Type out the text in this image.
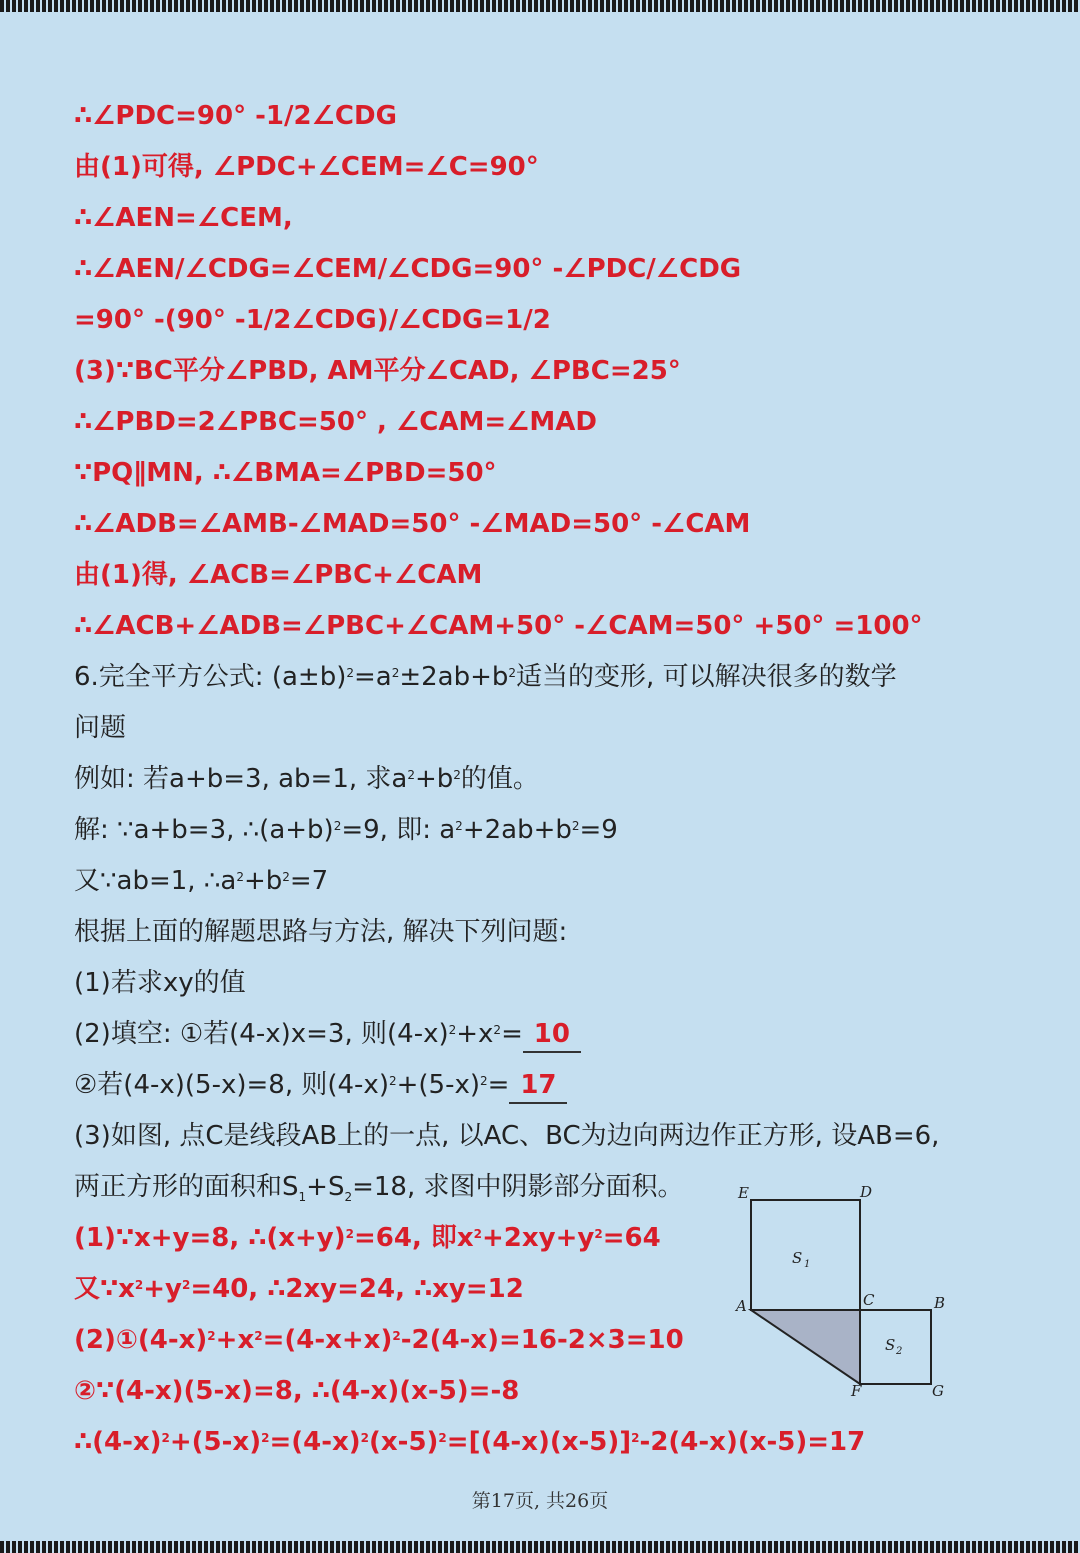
∴∠PDC=90° -1/2∠CDG
由(1)可得, ∠PDC+∠CEM=∠C=90°
∴∠AEN=∠CEM,
∴∠AEN/∠CDG=∠CEM/∠CDG=90° -∠PDC/∠CDG
=90° -(90° -1/2∠CDG)/∠CDG=1/2
(3)∵BC平分∠PBD, AM平分∠CAD, ∠PBC=25°
∴∠PBD=2∠PBC=50° , ∠CAM=∠MAD
∵PQ∥MN, ∴∠BMA=∠PBD=50°
∴∠ADB=∠AMB-∠MAD=50° -∠MAD=50° -∠CAM
由(1)得, ∠ACB=∠PBC+∠CAM
∴∠ACB+∠ADB=∠PBC+∠CAM+50° -∠CAM=50° +50° =100°
6.完全平方公式: $(a\pm b)^2=a^2\pm 2ab+b^2$适当的变形, 可以解决很多的数学
问题
例如: 若a+b=3, ab=1, 求$a^2+b^2$的值。
解: ∵a+b=3, $\therefore(a+b)^2=9$, 即: $a^2+2ab+b^2=9$
又∵ab=1, $\therefore a^2+b^2=7$
根据上面的解题思路与方法, 解决下列问题:
(1)若求xy的值
(2)填空: ①若(4-x)x=3, 则$(4-x)^2+x^2= 10$
②若(4-x)(5-x)=8, 则$(4-x)^2+(5-x)^2= 17$
(3)如图, 点C是线段AB上的一点, 以AC、BC为边向两边作正方形, 设AB=6,
两正方形的面积和$S_1+S_2=18$, 求图中阴影部分面积。
(1)∵x+y=8, $\therefore(x+y)^2=64$, 即$x^2+2xy+y^2=64$
又$\because x^2+y^2=40$, ∴2xy=24, ∴xy=12
$(2)①(4-x)^2+x^2=(4-x+x)^2-2(4-x)=16-2\times 3=10$
②∵(4-x)(5-x)=8, ∴(4-x)(x-5)=-8
$\therefore(4-x)^2+(5-x)^2=(4-x)^2(x-5)^2=[(4-x)(x-5)]^2-2(4-x)(x-5)=17$
E	D
A	C	B
F	G
S 1
S 2
第17页, 共26页
